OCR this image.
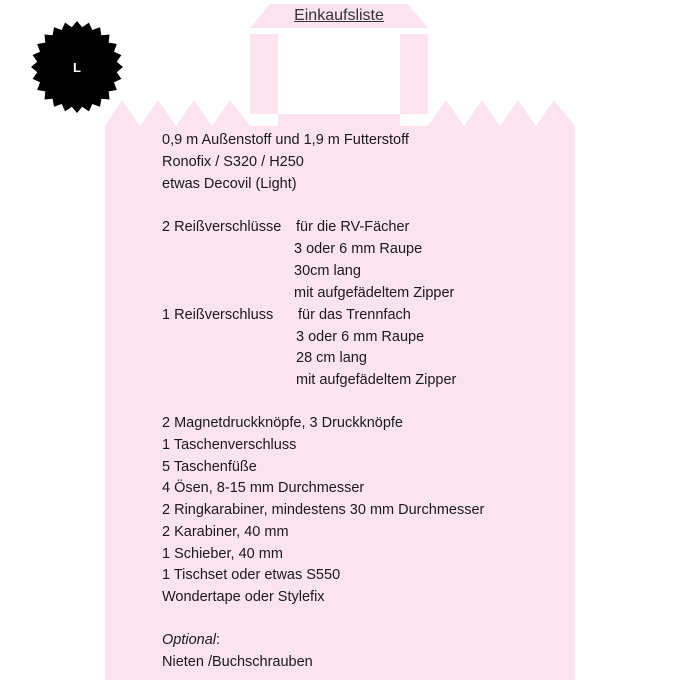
Einkaufsliste
L
0,9 m Außenstoff und 1,9 m Futterstoff
Ronofix / S320 / H250
etwas Decovil (Light)
2 Reißverschlüsse für die RV-Fächer
3 oder 6 mm Raupe
30cm lang
mit aufgefädeltem Zipper
1 Reißverschluss für das Trennfach
3 oder 6 mm Raupe
28 cm lang
mit aufgefädeltem Zipper
2 Magnetdruckknöpfe, 3 Druckknöpfe
1 Taschenverschluss
5 Taschenfüße
4 Ösen, 8-15 mm Durchmesser
2 Ringkarabiner, mindestens 30 mm Durchmesser
2 Karabiner, 40 mm
1 Schieber, 40 mm
1 Tischset oder etwas S550
Wondertape oder Stylefix
Optional:
Nieten /Buchschrauben
